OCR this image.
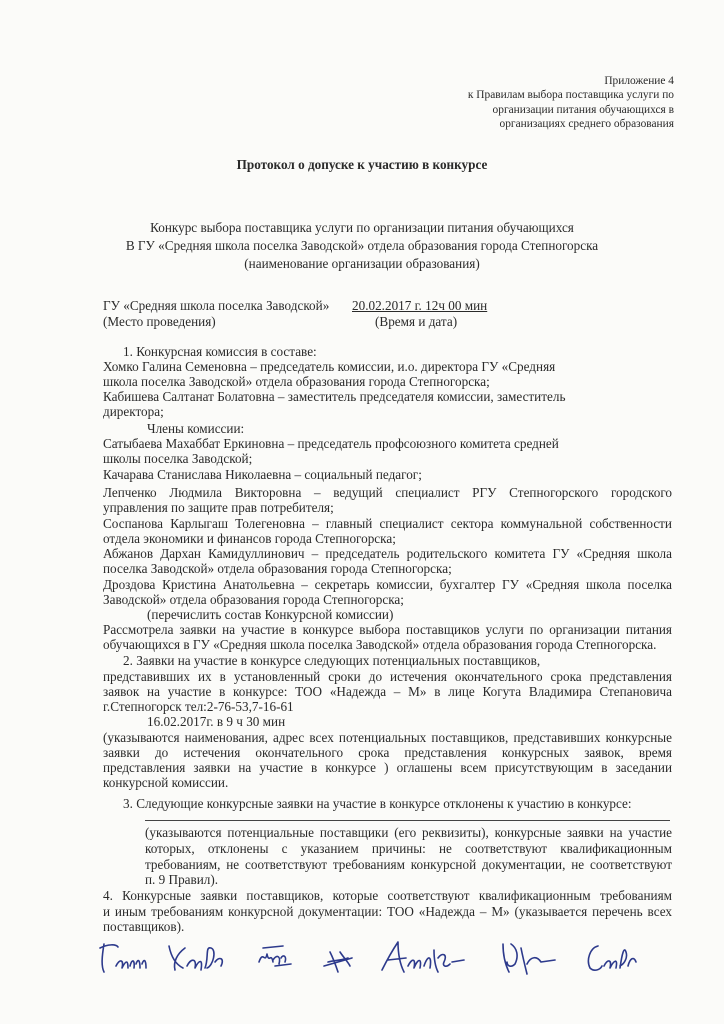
Приложение 4
к Правилам выбора поставщика услуги по
организации питания обучающихся в
организациях среднего образования
Протокол о допуске к участию в конкурсе
Конкурс выбора поставщика услуги по организации питания обучающихся
В ГУ «Средняя школа поселка Заводской» отдела образования города Степногорска
(наименование организации образования)
ГУ «Средняя школа поселка Заводской»
(Место проведения)
20.02.2017 г. 12ч 00 мин
(Время и дата)
1. Конкурсная комиссия в составе:
Хомко Галина Семеновна – председатель комиссии, и.о. директора ГУ «Средняя
школа поселка Заводской» отдела образования города Степногорска;
Кабишева Салтанат Болатовна – заместитель председателя комиссии, заместитель
директора;
Члены комиссии:
Сатыбаева Махаббат Еркиновна – председатель профсоюзного комитета средней
школы поселка Заводской;
Качарава Станислава Николаевна – социальный педагог;
Лепченко Людмила Викторовна – ведущий специалист РГУ Степногорского городского
управления по защите прав потребителя;
Соспанова Карлыгаш Толегеновна – главный специалист сектора коммунальной собственности
отдела экономики и финансов города Степногорска;
Абжанов Дархан Камидуллинович – председатель родительского комитета ГУ «Средняя школа
поселка Заводской» отдела образования города Степногорска;
Дроздова Кристина Анатольевна – секретарь комиссии, бухгалтер ГУ «Средняя школа поселка
Заводской» отдела образования города Степногорска;
(перечислить состав Конкурсной комиссии)
Рассмотрела заявки на участие в конкурсе выбора поставщиков услуги по организации питания
обучающихся в ГУ «Средняя школа поселка Заводской» отдела образования города Степногорска.
2. Заявки на участие в конкурсе следующих потенциальных поставщиков,
представивших их в установленный сроки до истечения окончательного срока представления
заявок на участие в конкурсе: ТОО «Надежда – М» в лице Когута Владимира Степановича
г.Степногорск тел:2-76-53,7-16-61
16.02.2017г. в 9 ч 30 мин
(указываются наименования, адрес всех потенциальных поставщиков, представивших конкурсные
заявки до истечения окончательного срока представления конкурсных заявок, время
представления заявки на участие в конкурсе ) оглашены всем присутствующим в заседании
конкурсной комиссии.
3. Следующие конкурсные заявки на участие в конкурсе отклонены к участию в конкурсе:
(указываются потенциальные поставщики (его реквизиты), конкурсные заявки на участие
которых, отклонены с указанием причины: не соответствуют квалификационным
требованиям, не соответствуют требованиям конкурсной документации, не соответствуют
п. 9 Правил).
4. Конкурсные заявки поставщиков, которые соответствуют квалификационным требованиям
и иным требованиям конкурсной документации: ТОО «Надежда – М» (указывается перечень всех
поставщиков).
